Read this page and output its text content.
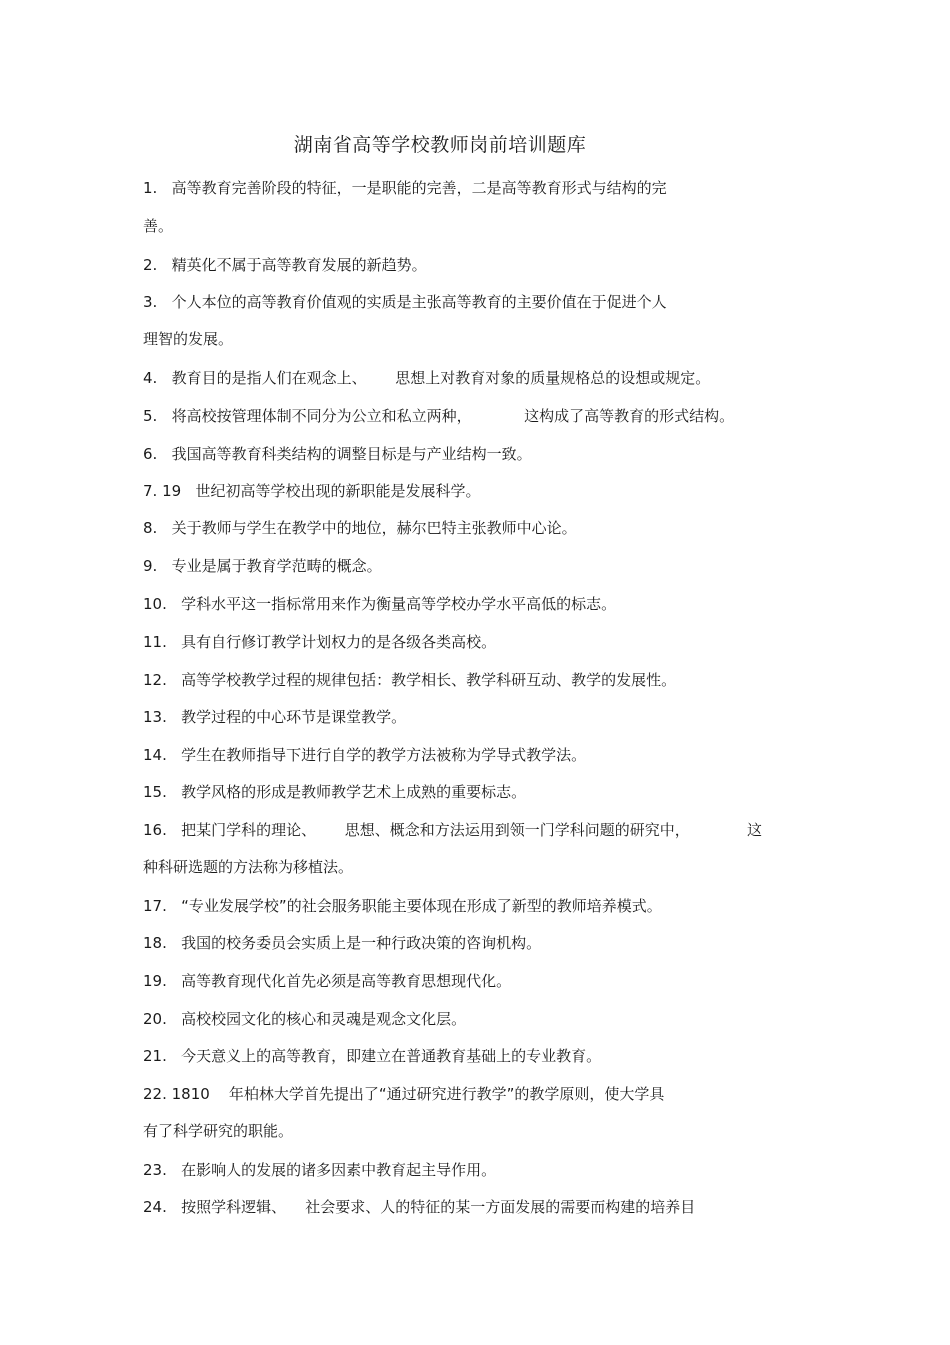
湖南省高等学校教师岗前培训题库
1.   高等教育完善阶段的特征，一是职能的完善，二是高等教育形式与结构的完
善。
2.   精英化不属于高等教育发展的新趋势。
3.   个人本位的高等教育价值观的实质是主张高等教育的主要价值在于促进个人
理智的发展。
4.   教育目的是指人们在观念上、      思想上对教育对象的质量规格总的设想或规定。
5.   将高校按管理体制不同分为公立和私立两种，           这构成了高等教育的形式结构。
6.   我国高等教育科类结构的调整目标是与产业结构一致。
7. 19   世纪初高等学校出现的新职能是发展科学。
8.   关于教师与学生在教学中的地位，赫尔巴特主张教师中心论。
9.   专业是属于教育学范畴的概念。
10.   学科水平这一指标常用来作为衡量高等学校办学水平高低的标志。
11.   具有自行修订教学计划权力的是各级各类高校。
12.   高等学校教学过程的规律包括：教学相长、教学科研互动、教学的发展性。
13.   教学过程的中心环节是课堂教学。
14.   学生在教师指导下进行自学的教学方法被称为学导式教学法。
15.   教学风格的形成是教师教学艺术上成熟的重要标志。
16.   把某门学科的理论、      思想、概念和方法运用到领一门学科问题的研究中，            这
种科研选题的方法称为移植法。
17.   “专业发展学校”的社会服务职能主要体现在形成了新型的教师培养模式。
18.   我国的校务委员会实质上是一种行政决策的咨询机构。
19.   高等教育现代化首先必须是高等教育思想现代化。
20.   高校校园文化的核心和灵魂是观念文化层。
21.   今天意义上的高等教育，即建立在普通教育基础上的专业教育。
22. 1810    年柏林大学首先提出了“通过研究进行教学”的教学原则，使大学具
有了科学研究的职能。
23.   在影响人的发展的诸多因素中教育起主导作用。
24.   按照学科逻辑、    社会要求、人的特征的某一方面发展的需要而构建的培养目
